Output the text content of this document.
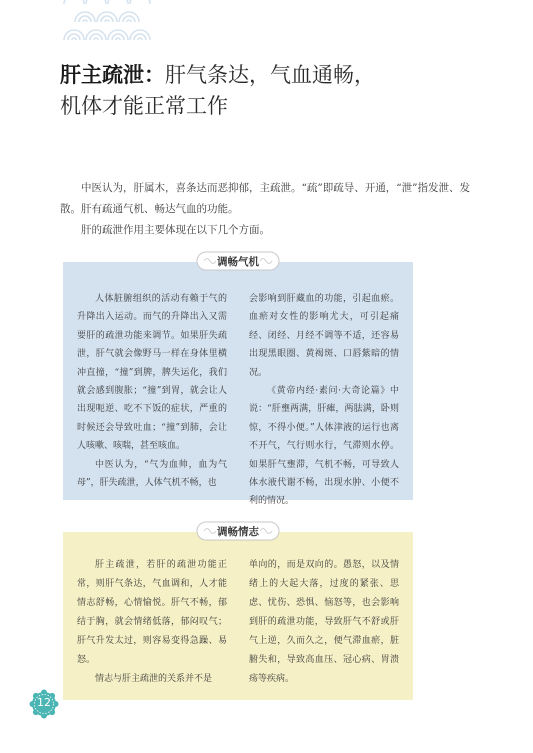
肝主疏泄：肝气条达，气血通畅，
机体才能正常工作

中医认为，肝属木，喜条达而恶抑郁，主疏泄。“疏”即疏导、开通，“泄”指发泄、发散。肝有疏通气机、畅达气血的功能。

肝的疏泄作用主要体现在以下几个方面。

调畅气机

人体脏腑组织的活动有赖于气的升降出入运动。而气的升降出入又需要肝的疏泄功能来调节。如果肝失疏泄，肝气就会像野马一样在身体里横冲直撞，“撞”到脾，脾失运化，我们就会感到腹胀；“撞”到胃，就会让人出现呃逆、吃不下饭的症状，严重的时候还会导致吐血；“撞”到肺，会让人咳嗽、咳喘，甚至咳血。

中医认为，“气为血帅，血为气母”，肝失疏泄，人体气机不畅，也

会影响到肝藏血的功能，引起血瘀。血瘀对女性的影响尤大，可引起痛经、闭经、月经不调等不适，还容易出现黑眼圈、黄褐斑、口唇紫暗的情况。

《黄帝内经·素问·大奇论篇》中说：“肝壅两满，肝瘫，两胠满，卧则惊，不得小便。”人体津液的运行也离不开气，气行则水行，气滞则水停。如果肝气壅滞，气机不畅，可导致人体水液代谢不畅，出现水肿、小便不利的情况。

调畅情志

肝主疏泄，若肝的疏泄功能正常，则肝气条达，气血调和，人才能情志舒畅，心情愉悦。肝气不畅，郁结于胸，就会情绪低落，郁闷叹气；肝气升发太过，则容易变得急躁、易怒。

情志与肝主疏泄的关系并不是

单向的，而是双向的。愚怒，以及情绪上的大起大落，过度的紧张、思虑、忧伤、恐惧、恼怒等，也会影响到肝的疏泄功能，导致肝气不舒或肝气上逆，久而久之，便气滞血瘀，脏腑失和，导致高血压、冠心病、胃溃疡等疾病。

12
